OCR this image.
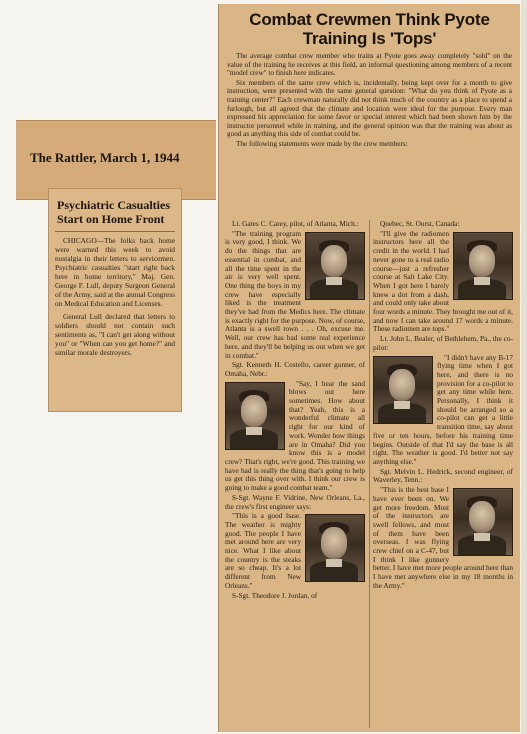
The Rattler, March 1, 1944
Psychiatric Casualties Start on Home Front

CHICAGO—The folks back home were warned this week to avoid nostalgia in their letters to servicemen. Psychiatric casualties "start right back here in home territory," Maj. Gen. George F. Lull, deputy Surgeon General of the Army, said at the annual Congress on Medical Education and Licenses.

General Lull declared that letters to soldiers should not contain such sentiments as, "I can't get along without you" or "When can you get home?" and similar morale destroyers.

Combat Crewmen Think Pyote Training Is 'Tops'

The average combat crew member who trains at Pyote goes away completely "sold" on the value of the training he receives at this field, an informal questioning among members of a recent "model crew" to finish here indicates.

Six members of the same crew which is, incidentally, being kept over for a month to give instruction, were presented with the same general question: "What do you think of Pyote as a training center?" Each crewman naturally did not think much of the country as a place to spend a furlough, but all agreed that the climate and location were ideal for the purpose. Every man expressed his appreciation for some favor or special interest which had been shown him by the instructor personnel while in training, and the general opinion was that the training was about as good as anything this side of combat could be.

The following statements were made by the crew members:

Lt. Gates C. Carey, pilot, of Atlanta, Mich.:

"The training program is very good, I think. We do the things that are essential in combat, and all the time spent in the air is very well spent. One thing the boys in my crew have especially liked is the treatment they've had from the Medics here. The climate is exactly right for the purpose. Now, of course, Atlanta is a swell town . . . Oh, excuse me. Well, our crew has had some real experience here, and they'll be helping us out when we get in combat."

Sgt. Kenneth H. Costello, career gunner, of Omaha, Nebr.:

"Say, I hear the sand blows out here sometimes. How about that? Yeah, this is a wonderful climate all right for our kind of work. Wonder how things are in Omaha? Did you know this is a model crew? That's right, we're good. This training we have had is really the thing that's going to help us get this thing over with. I think our crew is going to make a good combat team."

S-Sgt. Wayne F. Vidrine, New Orleans, La., the crew's first engineer says:

"This is a good base. The weather is mighty good. The people I have met around here are very nice. What I like about the country is the steaks are so cheap. It's a lot different from New Orleans."

S-Sgt. Theodore J. Jordan, of

Quebec, St. Ourst, Canada:

"I'll give the radiomen instructors here all the credit in the world. I had never gone to a real radio course—just a refresher course at Salt Lake City. When I got here I barely knew a dot from a dash, and could only take about four words a minute. They brought me out of it, and now I can take around 17 words a minute. These radiomen are tops."

Lt. John L. Bealer, of Bethlehem, Pa., the co-pilot:

"I didn't have any B-17 flying time when I got here, and there is no provision for a co-pilot to get any time while here. Personally, I think it should be arranged so a co-pilot can get a little transition time, say about five or ten hours, before his training time begins. Outside of that I'd say the base is all right. The weather is good. I'd better not say anything else."

Sgt. Melvin L. Hedrick, second engineer, of Waverley, Tenn.:

"This is the best base I have ever been on. We get more freedom. Most of the instructors are swell fellows, and most of them have been overseas. I was flying crew chief on a C-47, but I think I like gunnery better. I have met more people around here than I have met anywhere else in my 18 months in the Army."
